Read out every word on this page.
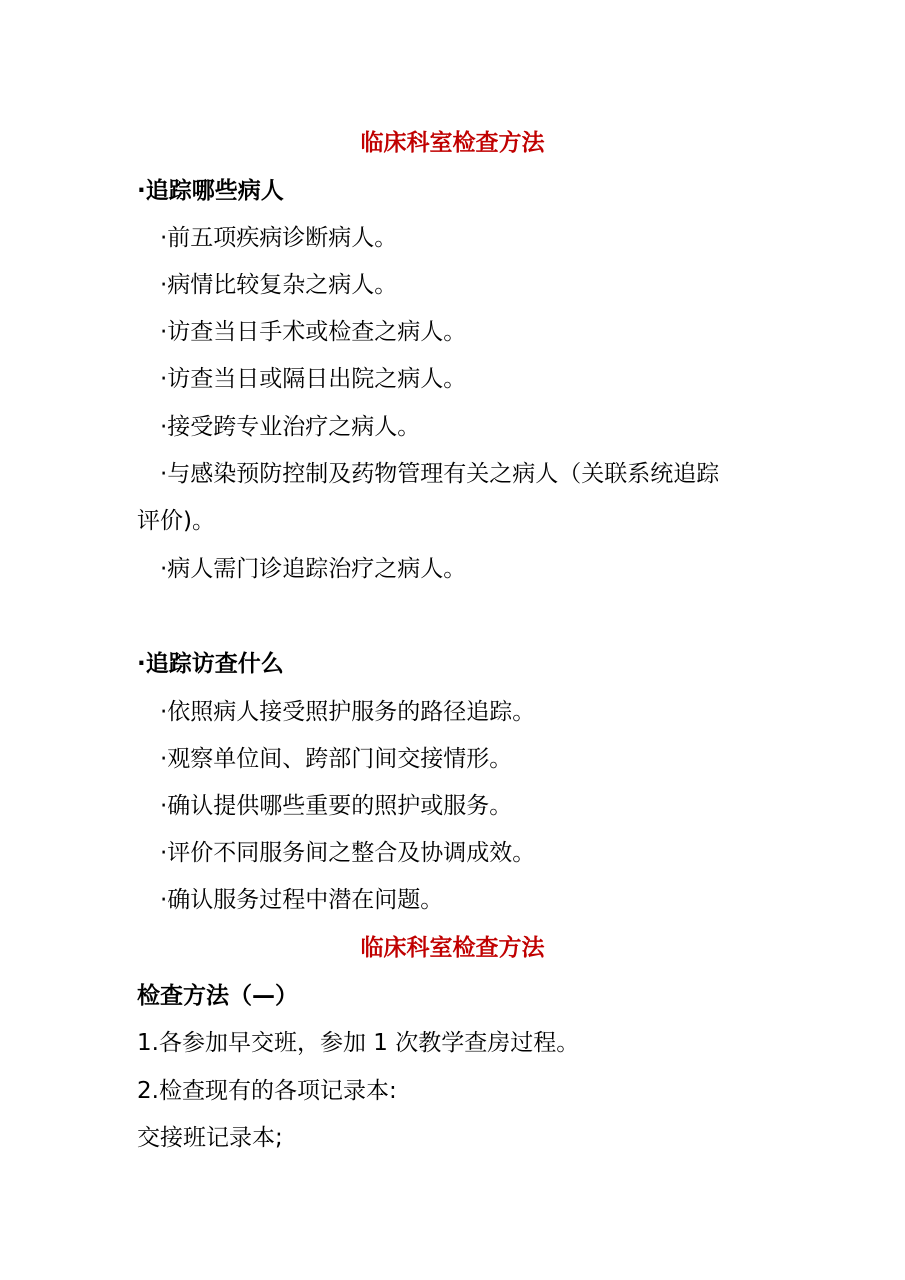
临床科室检查方法
·追踪哪些病人
·前五项疾病诊断病人。
·病情比较复杂之病人。
·访查当日手术或检查之病人。
·访查当日或隔日出院之病人。
·接受跨专业治疗之病人。
·与感染预防控制及药物管理有关之病人（关联系统追踪
评价)。
·病人需门诊追踪治疗之病人。
·追踪访查什么
·依照病人接受照护服务的路径追踪。
·观察单位间、跨部门间交接情形。
·确认提供哪些重要的照护或服务。
·评价不同服务间之整合及协调成效。
·确认服务过程中潜在问题。
临床科室检查方法
检查方法（—）
1.各参加早交班，参加 1 次教学查房过程。
2.检查现有的各项记录本:
交接班记录本;
